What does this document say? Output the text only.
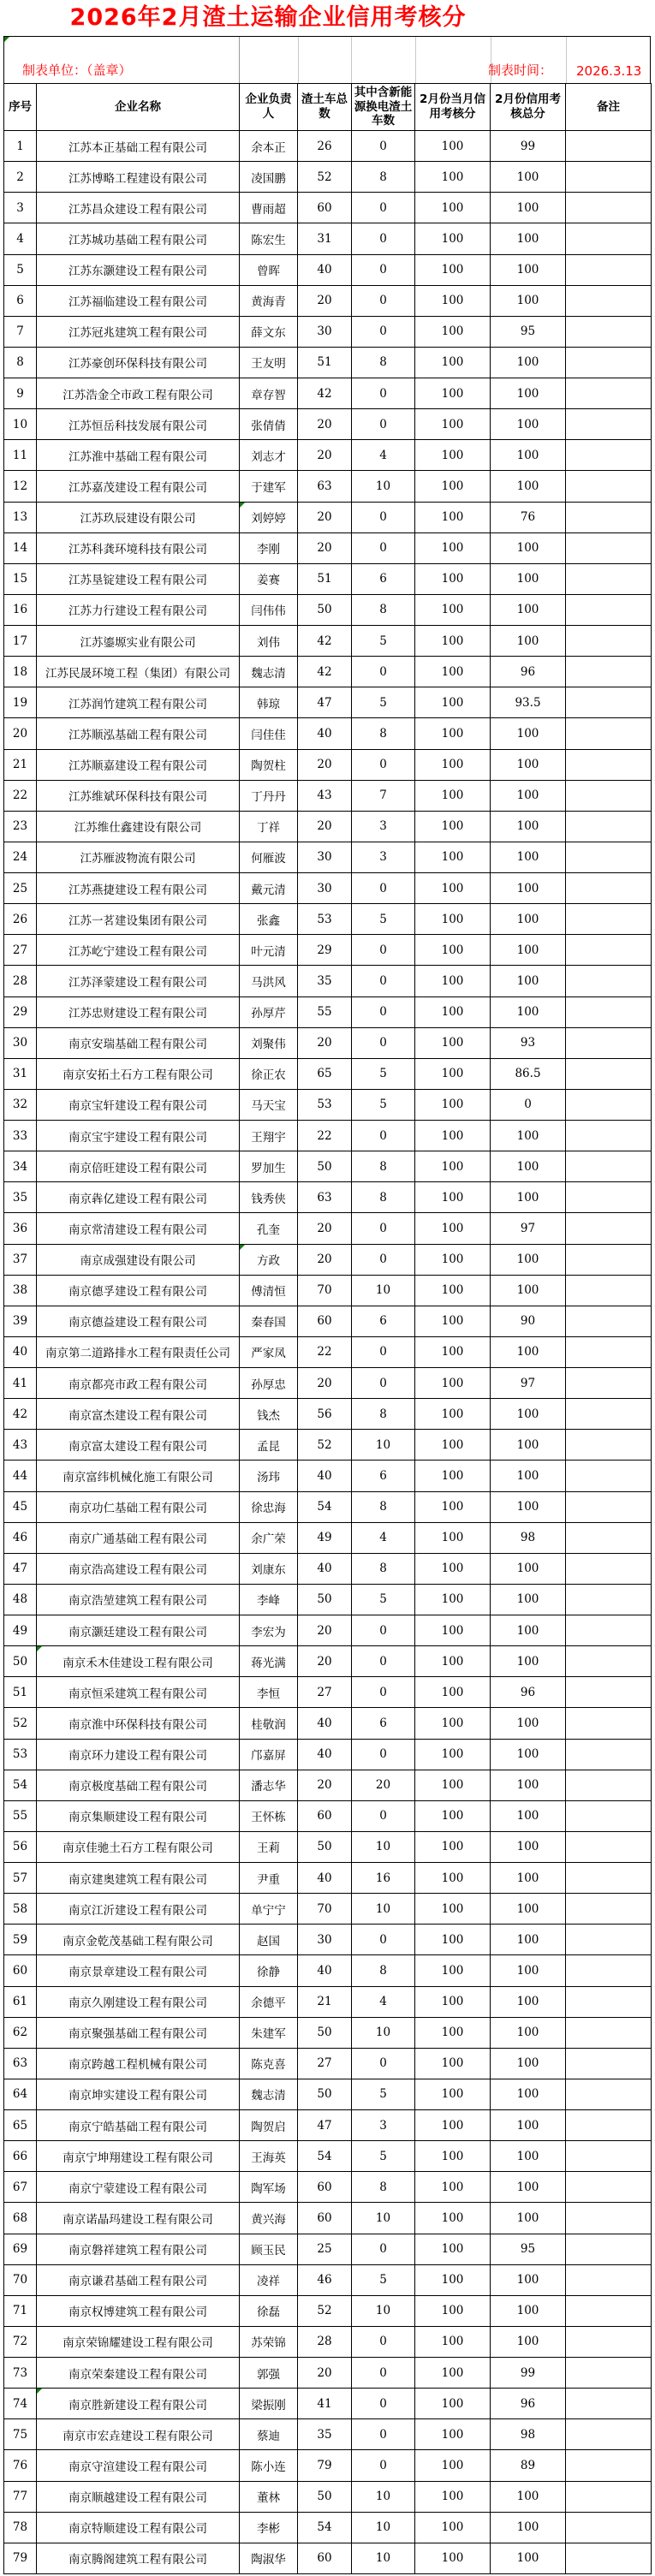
2026年2月渣土运输企业信用考核分
制表单位：（盖章）	制表时间： 2026.3.13
序号	企业名称	企业负责人	渣土车总数	其中含新能源换电渣土车数	2月份当月信用考核分	2月份信用考核总分	备注
1	江苏本正基础工程有限公司	余本正	26	0	100	99	
2	江苏博略工程建设有限公司	凌国鹏	52	8	100	100	
3	江苏昌众建设工程有限公司	曹雨超	60	0	100	100	
4	江苏城功基础工程有限公司	陈宏生	31	0	100	100	
5	江苏东灏建设工程有限公司	曾晖	40	0	100	100	
6	江苏福临建设工程有限公司	黄海青	20	0	100	100	
7	江苏冠兆建筑工程有限公司	薛文东	30	0	100	95	
8	江苏豪创环保科技有限公司	王友明	51	8	100	100	
9	江苏浩金仝市政工程有限公司	章存智	42	0	100	100	
10	江苏恒岳科技发展有限公司	张倩倩	20	0	100	100	
11	江苏淮中基础工程有限公司	刘志才	20	4	100	100	
12	江苏嘉茂建设工程有限公司	于建军	63	10	100	100	
13	江苏玖辰建设有限公司	刘婷婷	20	0	100	76	
14	江苏科龚环境科技有限公司	李刚	20	0	100	100	
15	江苏垦锭建设工程有限公司	姜赛	51	6	100	100	
16	江苏力行建设工程有限公司	闫伟伟	50	8	100	100	
17	江苏鎏塬实业有限公司	刘伟	42	5	100	100	
18	江苏民晟环境工程（集团）有限公司	魏志清	42	0	100	96	
19	江苏润竹建筑工程有限公司	韩琼	47	5	100	93.5	
20	江苏顺泓基础工程有限公司	闫佳佳	40	8	100	100	
21	江苏顺嘉建设工程有限公司	陶贺柱	20	0	100	100	
22	江苏维斌环保科技有限公司	丁丹丹	43	7	100	100	
23	江苏维仕鑫建设有限公司	丁祥	20	3	100	100	
24	江苏雁波物流有限公司	何雁波	30	3	100	100	
25	江苏燕捷建设工程有限公司	戴元清	30	0	100	100	
26	江苏一茗建设集团有限公司	张鑫	53	5	100	100	
27	江苏屹宁建设工程有限公司	叶元清	29	0	100	100	
28	江苏泽蒙建设工程有限公司	马洪风	35	0	100	100	
29	江苏忠财建设工程有限公司	孙厚芹	55	0	100	100	
30	南京安瑞基础工程有限公司	刘聚伟	20	0	100	93	
31	南京安拓土石方工程有限公司	徐正农	65	5	100	86.5	
32	南京宝轩建设工程有限公司	马天宝	53	5	100	0	
33	南京宝宇建设工程有限公司	王翔宇	22	0	100	100	
34	南京倍旺建设工程有限公司	罗加生	50	8	100	100	
35	南京犇亿建设工程有限公司	钱秀侠	63	8	100	100	
36	南京常清建设工程有限公司	孔奎	20	0	100	97	
37	南京成强建设有限公司	方政	20	0	100	100	
38	南京德孚建设工程有限公司	傅清恒	70	10	100	100	
39	南京德益建设工程有限公司	秦春国	60	6	100	90	
40	南京第二道路排水工程有限责任公司	严家凤	22	0	100	100	
41	南京都亮市政工程有限公司	孙厚忠	20	0	100	97	
42	南京富杰建设工程有限公司	钱杰	56	8	100	100	
43	南京富太建设工程有限公司	孟昆	52	10	100	100	
44	南京富纬机械化施工有限公司	汤玮	40	6	100	100	
45	南京功仁基础工程有限公司	徐忠海	54	8	100	100	
46	南京广通基础工程有限公司	余广荣	49	4	100	98	
47	南京浩高建设工程有限公司	刘康东	40	8	100	100	
48	南京浩堃建筑工程有限公司	李峰	50	5	100	100	
49	南京灏廷建设工程有限公司	李宏为	20	0	100	100	
50	南京禾木佳建设工程有限公司	蒋光满	20	0	100	100	
51	南京恒采建筑工程有限公司	李恒	27	0	100	96	
52	南京淮中环保科技有限公司	桂敬润	40	6	100	100	
53	南京环力建设工程有限公司	邝嘉屏	40	0	100	100	
54	南京极度基础工程有限公司	潘志华	20	20	100	100	
55	南京集顺建设工程有限公司	王怀栋	60	0	100	100	
56	南京佳驰土石方工程有限公司	王莉	50	10	100	100	
57	南京建奥建筑工程有限公司	尹重	40	16	100	100	
58	南京江沂建设工程有限公司	单宁宁	70	10	100	100	
59	南京金乾茂基础工程有限公司	赵国	30	0	100	100	
60	南京景章建设工程有限公司	徐静	40	8	100	100	
61	南京久刚建设工程有限公司	余德平	21	4	100	100	
62	南京聚强基础工程有限公司	朱建军	50	10	100	100	
63	南京跨越工程机械有限公司	陈克喜	27	0	100	100	
64	南京坤实建设工程有限公司	魏志清	50	5	100	100	
65	南京宁皓基础工程有限公司	陶贺启	47	3	100	100	
66	南京宁坤翔建设工程有限公司	王海英	54	5	100	100	
67	南京宁蒙建设工程有限公司	陶军场	60	8	100	100	
68	南京诺晶玛建设工程有限公司	黄兴海	60	10	100	100	
69	南京磐祥建筑工程有限公司	顾玉民	25	0	100	95	
70	南京谦君基础工程有限公司	凌祥	46	5	100	100	
71	南京权博建筑工程有限公司	徐磊	52	10	100	100	
72	南京荣锦耀建设工程有限公司	苏荣锦	28	0	100	100	
73	南京荣秦建设工程有限公司	郭强	20	0	100	99	
74	南京胜新建设工程有限公司	梁振刚	41	0	100	96	
75	南京市宏垚建设工程有限公司	蔡迪	35	0	100	98	
76	南京守渲建设工程有限公司	陈小连	79	0	100	89	
77	南京顺越建设工程有限公司	董林	50	10	100	100	
78	南京特顺建设工程有限公司	李彬	54	10	100	100	
79	南京腾阁建筑工程有限公司	陶淑华	60	10	100	100	
